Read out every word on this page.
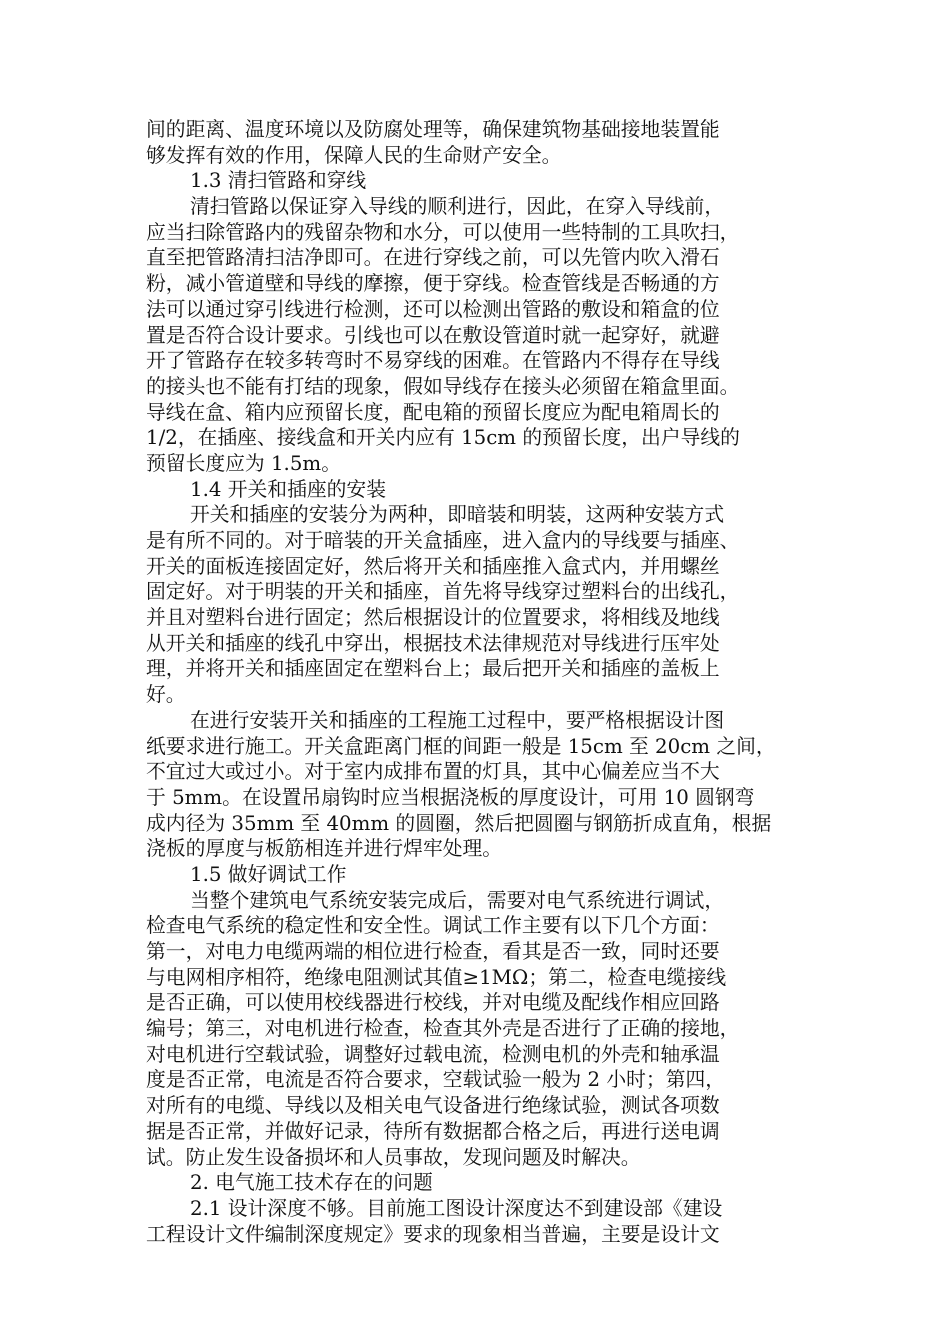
间的距离、温度环境以及防腐处理等，确保建筑物基础接地装置能
够发挥有效的作用，保障人民的生命财产安全。
1.3 清扫管路和穿线
清扫管路以保证穿入导线的顺利进行，因此，在穿入导线前，
应当扫除管路内的残留杂物和水分，可以使用一些特制的工具吹扫，
直至把管路清扫洁净即可。在进行穿线之前，可以先管内吹入滑石
粉，减小管道壁和导线的摩擦，便于穿线。检查管线是否畅通的方
法可以通过穿引线进行检测，还可以检测出管路的敷设和箱盒的位
置是否符合设计要求。引线也可以在敷设管道时就一起穿好，就避
开了管路存在较多转弯时不易穿线的困难。在管路内不得存在导线
的接头也不能有打结的现象，假如导线存在接头必须留在箱盒里面。
导线在盒、箱内应预留长度，配电箱的预留长度应为配电箱周长的
1/2，在插座、接线盒和开关内应有 15cm 的预留长度，出户导线的
预留长度应为 1.5m。
1.4 开关和插座的安装
开关和插座的安装分为两种，即暗装和明装，这两种安装方式
是有所不同的。对于暗装的开关盒插座，进入盒内的导线要与插座、
开关的面板连接固定好，然后将开关和插座推入盒式内，并用螺丝
固定好。对于明装的开关和插座，首先将导线穿过塑料台的出线孔，
并且对塑料台进行固定；然后根据设计的位置要求，将相线及地线
从开关和插座的线孔中穿出，根据技术法律规范对导线进行压牢处
理，并将开关和插座固定在塑料台上；最后把开关和插座的盖板上
好。
在进行安装开关和插座的工程施工过程中，要严格根据设计图
纸要求进行施工。开关盒距离门框的间距一般是 15cm 至 20cm 之间，
不宜过大或过小。对于室内成排布置的灯具，其中心偏差应当不大
于 5mm。在设置吊扇钩时应当根据浇板的厚度设计，可用 10 圆钢弯
成内径为 35mm 至 40mm 的圆圈，然后把圆圈与钢筋折成直角，根据
浇板的厚度与板筋相连并进行焊牢处理。
1.5 做好调试工作
当整个建筑电气系统安装完成后，需要对电气系统进行调试，
检查电气系统的稳定性和安全性。调试工作主要有以下几个方面：
第一，对电力电缆两端的相位进行检查，看其是否一致，同时还要
与电网相序相符，绝缘电阻测试其值≥1MΩ；第二，检查电缆接线
是否正确，可以使用校线器进行校线，并对电缆及配线作相应回路
编号；第三，对电机进行检查，检查其外壳是否进行了正确的接地，
对电机进行空载试验，调整好过载电流，检测电机的外壳和轴承温
度是否正常，电流是否符合要求，空载试验一般为 2 小时；第四，
对所有的电缆、导线以及相关电气设备进行绝缘试验，测试各项数
据是否正常，并做好记录，待所有数据都合格之后，再进行送电调
试。防止发生设备损坏和人员事故，发现问题及时解决。
2. 电气施工技术存在的问题
2.1 设计深度不够。目前施工图设计深度达不到建设部《建设
工程设计文件编制深度规定》要求的现象相当普遍，主要是设计文
